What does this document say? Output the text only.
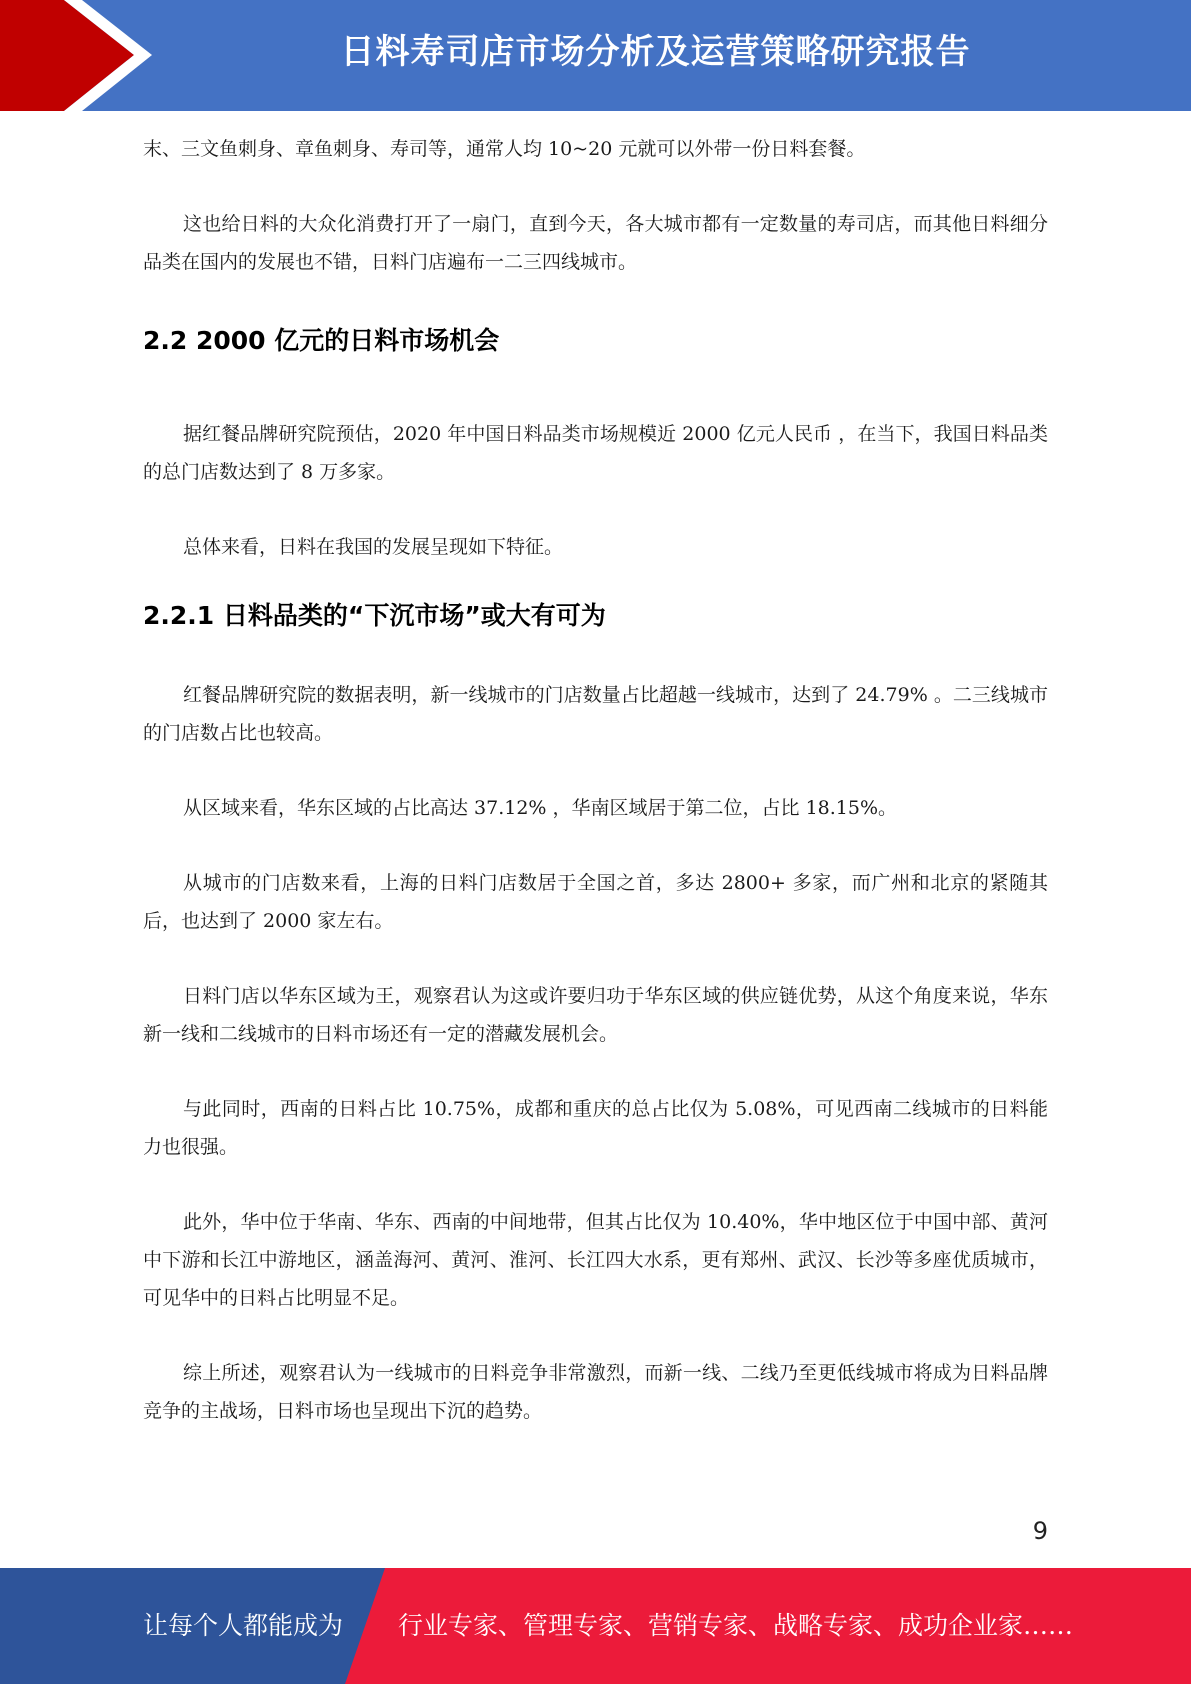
日料寿司店市场分析及运营策略研究报告

末、三文鱼刺身、章鱼刺身、寿司等，通常人均 10~20 元就可以外带一份日料套餐。

这也给日料的大众化消费打开了一扇门，直到今天，各大城市都有一定数量的寿司店，而其他日料细分品类在国内的发展也不错，日料门店遍布一二三四线城市。

2.2 2000 亿元的日料市场机会

据红餐品牌研究院预估，2020 年中国日料品类市场规模近 2000 亿元人民币 ，在当下，我国日料品类的总门店数达到了 8 万多家。

总体来看，日料在我国的发展呈现如下特征。

2.2.1 日料品类的“下沉市场”或大有可为

红餐品牌研究院的数据表明，新一线城市的门店数量占比超越一线城市，达到了 24.79% 。二三线城市的门店数占比也较高。

从区域来看，华东区域的占比高达 37.12% ，华南区域居于第二位，占比 18.15%。

从城市的门店数来看，上海的日料门店数居于全国之首，多达 2800+ 多家，而广州和北京的紧随其后，也达到了 2000 家左右。

日料门店以华东区域为王，观察君认为这或许要归功于华东区域的供应链优势，从这个角度来说，华东新一线和二线城市的日料市场还有一定的潜藏发展机会。

与此同时，西南的日料占比 10.75%，成都和重庆的总占比仅为 5.08%，可见西南二线城市的日料能力也很强。

此外，华中位于华南、华东、西南的中间地带，但其占比仅为 10.40%，华中地区位于中国中部、黄河中下游和长江中游地区，涵盖海河、黄河、淮河、长江四大水系，更有郑州、武汉、长沙等多座优质城市，可见华中的日料占比明显不足。

综上所述，观察君认为一线城市的日料竞争非常激烈，而新一线、二线乃至更低线城市将成为日料品牌竞争的主战场，日料市场也呈现出下沉的趋势。

9
让每个人都能成为 行业专家、管理专家、营销专家、战略专家、成功企业家……
